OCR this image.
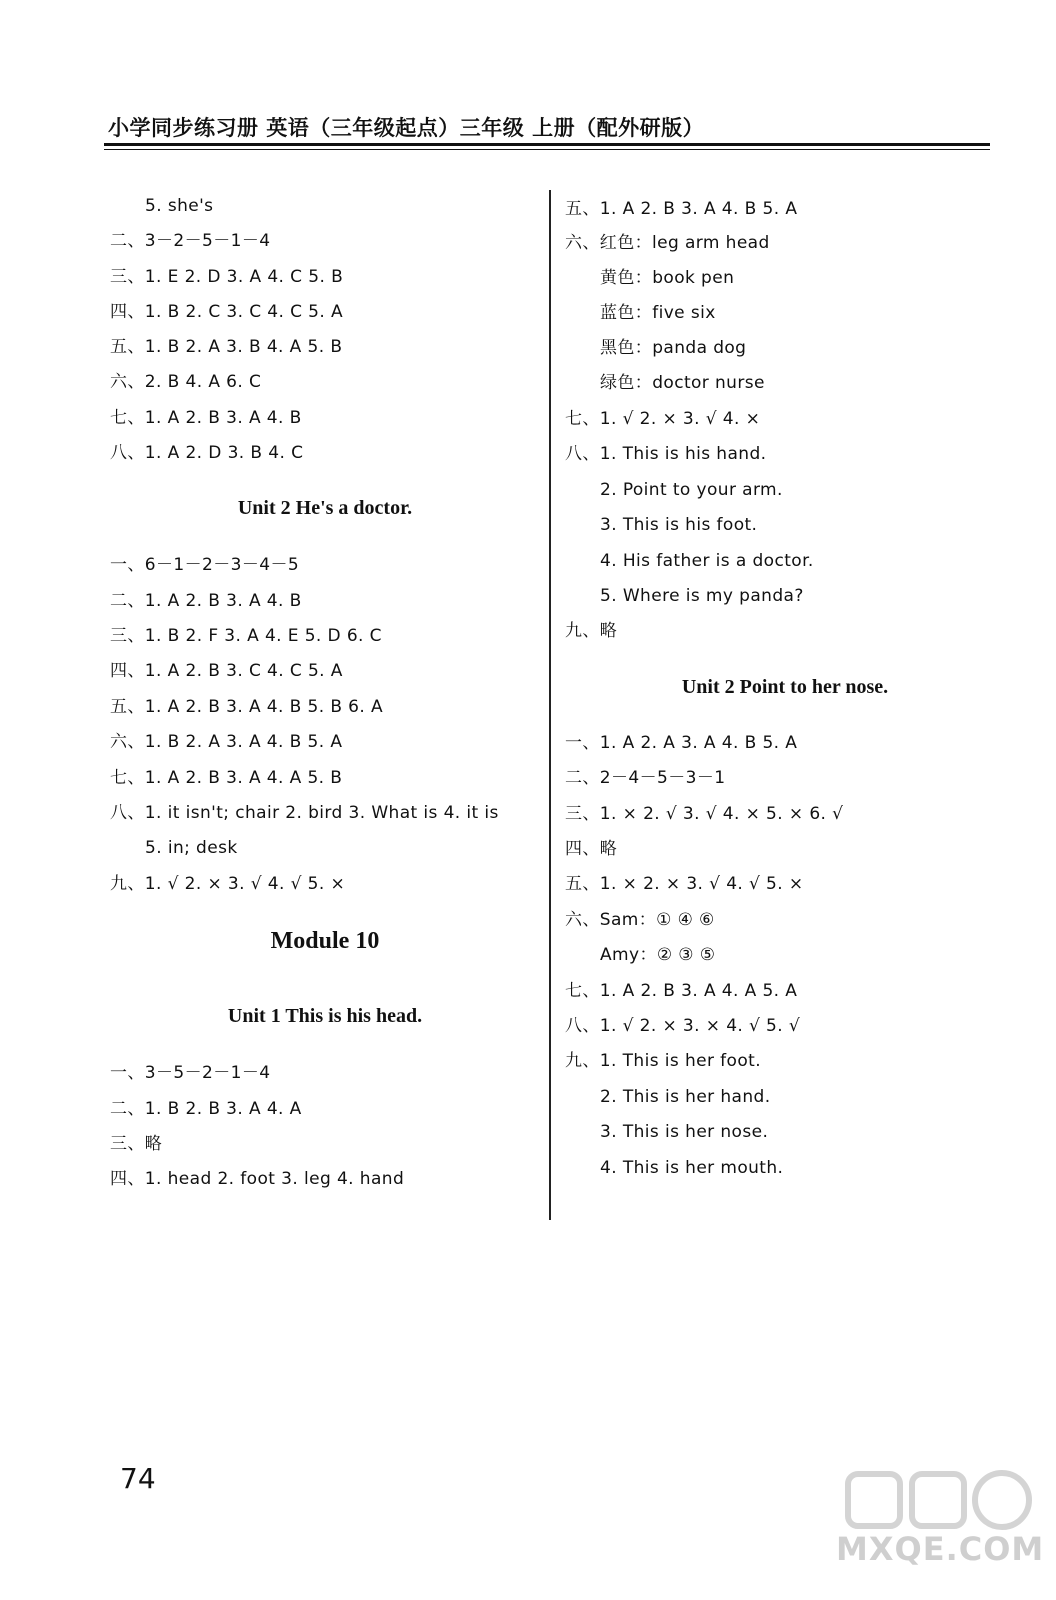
小学同步练习册 英语（三年级起点）三年级 上册（配外研版）
5. she's
二、3－2－5－1－4
三、1. E 2. D 3. A 4. C 5. B
四、1. B 2. C 3. C 4. C 5. A
五、1. B 2. A 3. B 4. A 5. B
六、2. B 4. A 6. C
七、1. A 2. B 3. A 4. B
八、1. A 2. D 3. B 4. C
Unit 2 He's a doctor.
一、6－1－2－3－4－5
二、1. A 2. B 3. A 4. B
三、1. B 2. F 3. A 4. E 5. D 6. C
四、1. A 2. B 3. C 4. C 5. A
五、1. A 2. B 3. A 4. B 5. B 6. A
六、1. B 2. A 3. A 4. B 5. A
七、1. A 2. B 3. A 4. A 5. B
八、1. it isn't; chair 2. bird 3. What is 4. it is
5. in; desk
九、1. √ 2. × 3. √ 4. √ 5. ×
Module 10
Unit 1 This is his head.
一、3－5－2－1－4
二、1. B 2. B 3. A 4. A
三、略
四、1. head 2. foot 3. leg 4. hand
五、1. A 2. B 3. A 4. B 5. A
六、红色：leg arm head
黄色：book pen
蓝色：five six
黑色：panda dog
绿色：doctor nurse
七、1. √ 2. × 3. √ 4. ×
八、1. This is his hand.
2. Point to your arm.
3. This is his foot.
4. His father is a doctor.
5. Where is my panda?
九、略
Unit 2 Point to her nose.
一、1. A 2. A 3. A 4. B 5. A
二、2－4－5－3－1
三、1. × 2. √ 3. √ 4. × 5. × 6. √
四、略
五、1. × 2. × 3. √ 4. √ 5. ×
六、Sam：① ④ ⑥
Amy：② ③ ⑤
七、1. A 2. B 3. A 4. A 5. A
八、1. √ 2. × 3. × 4. √ 5. √
九、1. This is her foot.
2. This is her hand.
3. This is her nose.
4. This is her mouth.
74
MXQE.COM
